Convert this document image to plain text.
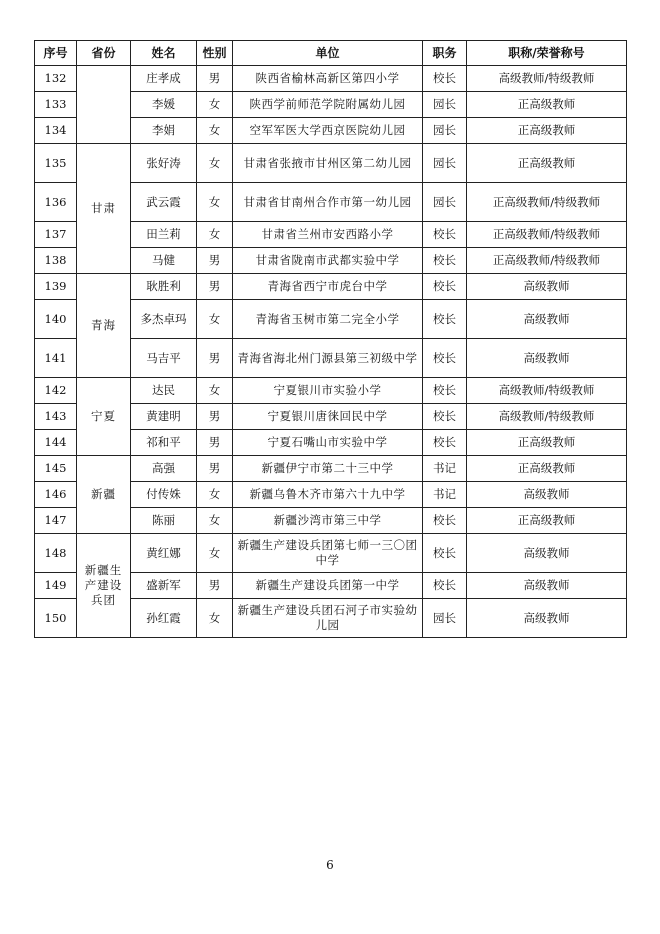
序号	省份	姓名	性别	单位	职务	职称/荣誉称号
132		庄孝成	男	陕西省榆林高新区第四小学	校长	高级教师/特级教师
133		李媛	女	陕西学前师范学院附属幼儿园	园长	正高级教师
134		李娟	女	空军军医大学西京医院幼儿园	园长	正高级教师
135	甘肃	张好涛	女	甘肃省张掖市甘州区第二幼儿园	园长	正高级教师
136		武云霞	女	甘肃省甘南州合作市第一幼儿园	园长	正高级教师/特级教师
137		田兰莉	女	甘肃省兰州市安西路小学	校长	正高级教师/特级教师
138		马健	男	甘肃省陇南市武都实验中学	校长	正高级教师/特级教师
139	青海	耿胜利	男	青海省西宁市虎台中学	校长	高级教师
140		多杰卓玛	女	青海省玉树市第二完全小学	校长	高级教师
141		马吉平	男	青海省海北州门源县第三初级中学	校长	高级教师
142	宁夏	达民	女	宁夏银川市实验小学	校长	高级教师/特级教师
143		黄建明	男	宁夏银川唐徕回民中学	校长	高级教师/特级教师
144		祁和平	男	宁夏石嘴山市实验中学	校长	正高级教师
145	新疆	高强	男	新疆伊宁市第二十三中学	书记	正高级教师
146		付传姝	女	新疆乌鲁木齐市第六十九中学	书记	高级教师
147		陈丽	女	新疆沙湾市第三中学	校长	正高级教师
148	新疆生产建设兵团	黄红娜	女	新疆生产建设兵团第七师一三〇团中学	校长	高级教师
149		盛新军	男	新疆生产建设兵团第一中学	校长	高级教师
150		孙红霞	女	新疆生产建设兵团石河子市实验幼儿园	园长	高级教师
6
